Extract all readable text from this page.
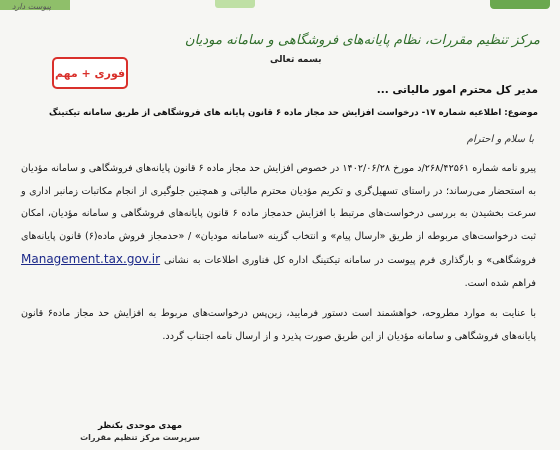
پیوست دارد
مرکز تنظیم مقررات، نظام پایانه‌های فروشگاهی و سامانه مودیان
بسمه تعالی
فوری + مهم
مدیر کل محترم امور مالیاتی ...
موضوع: اطلاعیه شماره ۱۷- درخواست افزایش حد مجاز ماده ۶ قانون پایانه های فروشگاهی از طریق سامانه تیکتینگ
با سلام و احترام

پیرو نامه شماره ۲۶۸/۴۲۵۶۱/د مورخ ۱۴۰۲/۰۶/۲۸ در خصوص افزایش حد مجاز ماده ۶ قانون پایانه‌های فروشگاهی و سامانه مؤدیان به استحضار می‌رساند؛ در راستای تسهیل‌گری و تکریم مؤدیان محترم مالیاتی و همچنین جلوگیری از انجام مکاتبات زمانبر اداری و سرعت بخشیدن به بررسی درخواست‌های مرتبط با افزایش حدمجاز ماده ۶ قانون پایانه‌های فروشگاهی و سامانه مؤدیان، امکان ثبت درخواست‌های مربوطه از طریق «ارسال پیام» و انتخاب گزینه «سامانه مودیان» / «حدمجاز فروش ماده(۶) قانون پایانه‌های فروشگاهی» و بارگذاری فرم پیوست در سامانه تیکتینگ اداره کل فناوری اطلاعات به نشانی Management.tax.gov.ir فراهم شده است.

با عنایت به موارد مطروحه، خواهشمند است دستور فرمایید، زین‌پس درخواست‌های مربوط به افزایش حد مجاز ماده۶ قانون پایانه‌های فروشگاهی و سامانه مؤدیان از این طریق صورت پذیرد و از ارسال نامه اجتناب گردد.

مهدی موحدی بکنظر
سرپرست مرکز تنظیم مقررات
